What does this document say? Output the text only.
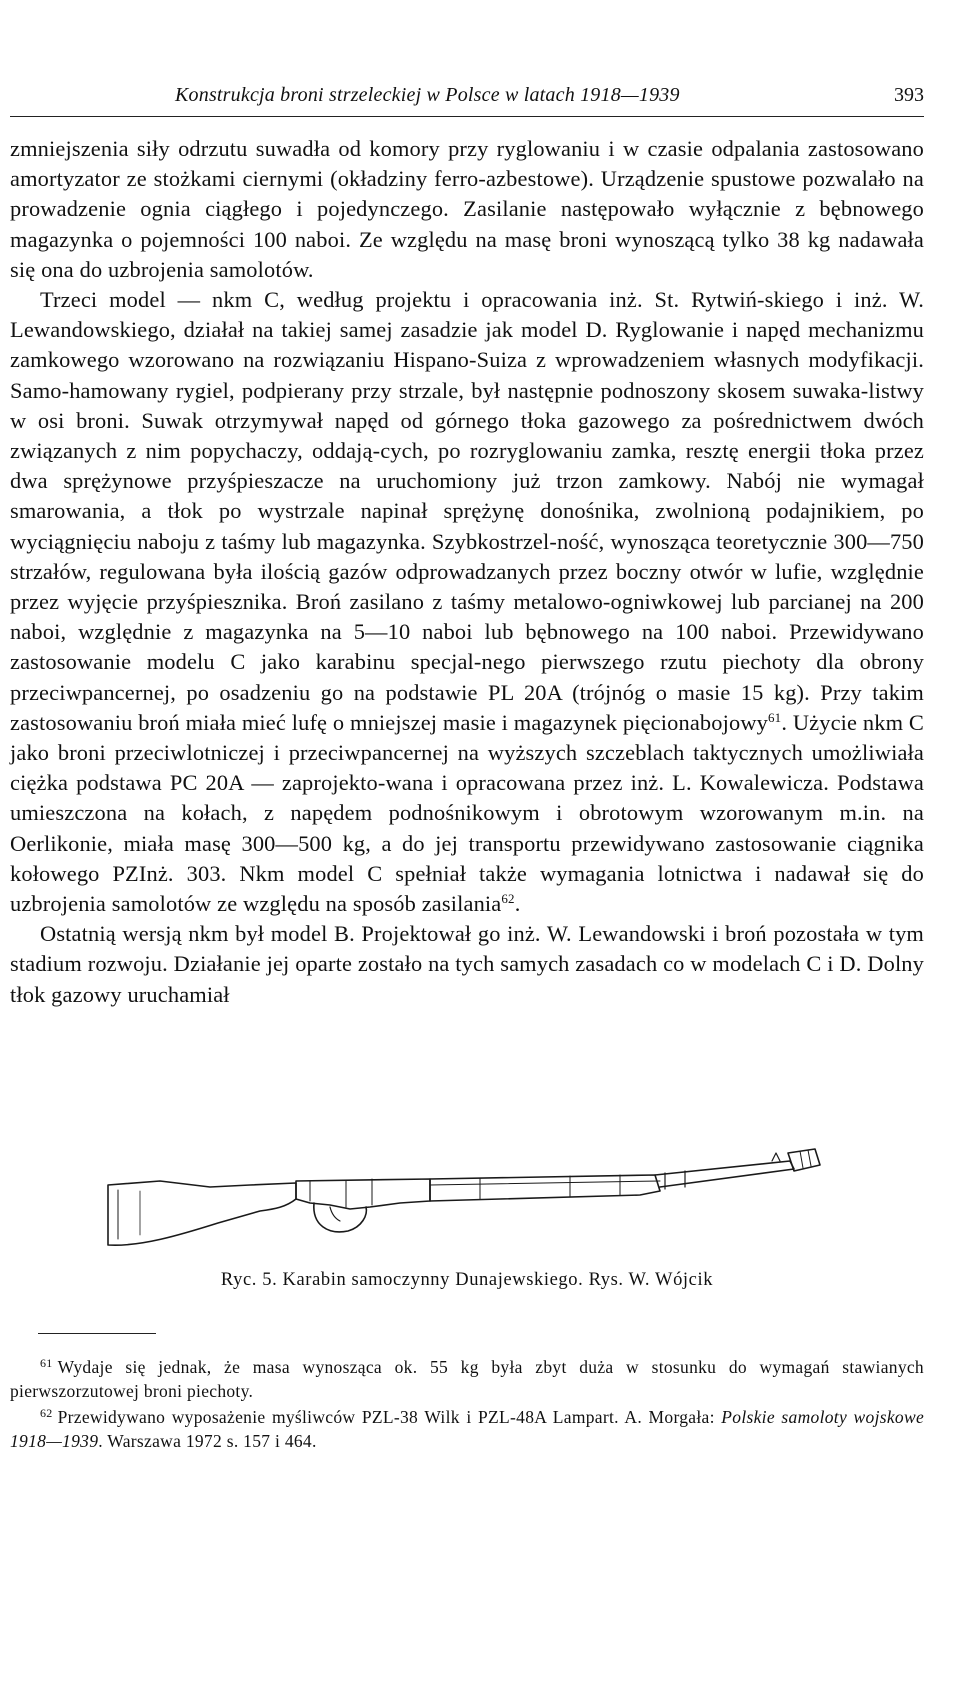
Konstrukcja broni strzeleckiej w Polsce w latach 1918—1939	393

zmniejszenia siły odrzutu suwadła od komory przy ryglowaniu i w czasie odpalania zastosowano amortyzator ze stożkami ciernymi (okładziny ferro-azbestowe). Urządzenie spustowe pozwalało na prowadzenie ognia ciągłego i pojedynczego. Zasilanie następowało wyłącznie z bębnowego magazynka o pojemności 100 naboi. Ze względu na masę broni wynoszącą tylko 38 kg nadawała się ona do uzbrojenia samolotów.

Trzeci model — nkm C, według projektu i opracowania inż. St. Rytwiń-skiego i inż. W. Lewandowskiego, działał na takiej samej zasadzie jak model D. Ryglowanie i napęd mechanizmu zamkowego wzorowano na rozwiązaniu Hispano-Suiza z wprowadzeniem własnych modyfikacji. Samo-hamowany rygiel, podpierany przy strzale, był następnie podnoszony skosem suwaka-listwy w osi broni. Suwak otrzymywał napęd od górnego tłoka gazowego za pośrednictwem dwóch związanych z nim popychaczy, oddają-cych, po rozryglowaniu zamka, resztę energii tłoka przez dwa sprężynowe przyśpieszacze na uruchomiony już trzon zamkowy. Nabój nie wymagał smarowania, a tłok po wystrzale napinał sprężynę donośnika, zwolnioną podajnikiem, po wyciągnięciu naboju z taśmy lub magazynka. Szybkostrzel-ność, wynosząca teoretycznie 300—750 strzałów, regulowana była ilością gazów odprowadzanych przez boczny otwór w lufie, względnie przez wyjęcie przyśpiesznika. Broń zasilano z taśmy metalowo-ogniwkowej lub parcianej na 200 naboi, względnie z magazynka na 5—10 naboi lub bębnowego na 100 naboi. Przewidywano zastosowanie modelu C jako karabinu specjal-nego pierwszego rzutu piechoty dla obrony przeciwpancernej, po osadzeniu go na podstawie PL 20A (trójnóg o masie 15 kg). Przy takim zastosowaniu broń miała mieć lufę o mniejszej masie i magazynek pięcionabojowy$^{61}$. Użycie nkm C jako broni przeciwlotniczej i przeciwpancernej na wyższych szczeblach taktycznych umożliwiała ciężka podstawa PC 20A — zaprojekto-wana i opracowana przez inż. L. Kowalewicza. Podstawa umieszczona na kołach, z napędem podnośnikowym i obrotowym wzorowanym m.in. na Oerlikonie, miała masę 300—500 kg, a do jej transportu przewidywano zastosowanie ciągnika kołowego PZInż. 303. Nkm model C spełniał także wymagania lotnictwa i nadawał się do uzbrojenia samolotów ze względu na sposób zasilania$^{62}$.

Ostatnią wersją nkm był model B. Projektował go inż. W. Lewandowski i broń pozostała w tym stadium rozwoju. Działanie jej oparte zostało na tych samych zasadach co w modelach C i D. Dolny tłok gazowy uruchamiał

Ryc. 5. Karabin samoczynny Dunajewskiego. Rys. W. Wójcik

$^{61}$ Wydaje się jednak, że masa wynosząca ok. 55 kg była zbyt duża w stosunku do wymagań stawianych pierwszorzutowej broni piechoty.

$^{62}$ Przewidywano wyposażenie myśliwców PZL-38 Wilk i PZL-48A Lampart. A. Morgała: Polskie samoloty wojskowe 1918—1939. Warszawa 1972 s. 157 i 464.
